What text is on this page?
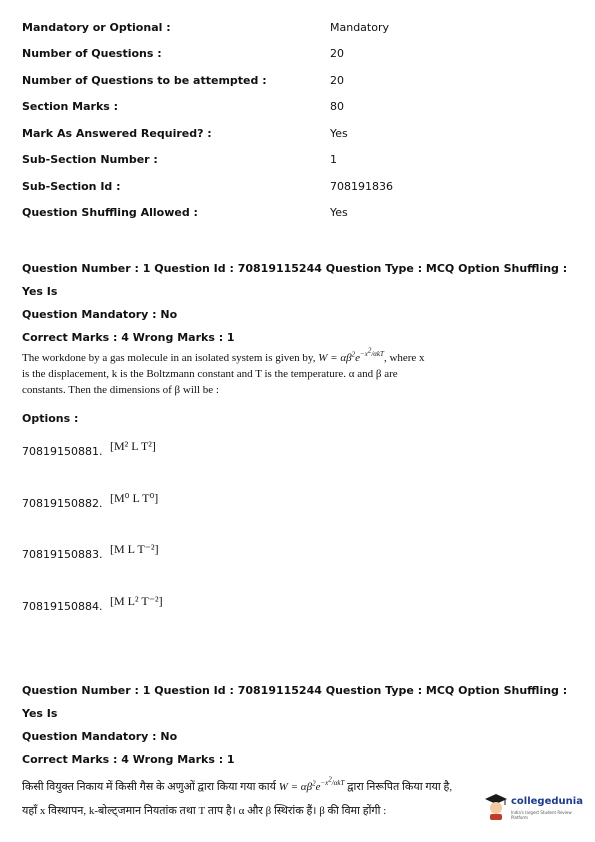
Mandatory or Optional :	Mandatory
Number of Questions :	20
Number of Questions to be attempted :	20
Section Marks :	80
Mark As Answered Required? :	Yes
Sub-Section Number :	1
Sub-Section Id :	708191836
Question Shuffling Allowed :	Yes
Question Number : 1 Question Id : 70819115244 Question Type : MCQ Option Shuffling : Yes Is
Question Mandatory : No
Correct Marks : 4 Wrong Marks : 1
The workdone by a gas molecule in an isolated system is given by, $W = \alpha\beta^2e^{-x^2/\alpha kT}$, where x
is the displacement, k is the Boltzmann constant and T is the temperature. α and β are
constants. Then the dimensions of β will be :
Options :
70819150881. [M² L T²]
70819150882. [M⁰ L T⁰]
70819150883. [M L T⁻²]
70819150884. [M L² T⁻²]
Question Number : 1 Question Id : 70819115244 Question Type : MCQ Option Shuffling : Yes Is
Question Mandatory : No
Correct Marks : 4 Wrong Marks : 1
किसी वियुक्त निकाय में किसी गैस के अणुओं द्वारा किया गया कार्य $W = \alpha\beta^2e^{-x^2/\alpha kT}$ द्वारा निरूपित किया गया है,
यहाँ x विस्थापन, k-बोल्ट्जमान नियतांक तथा T ताप है। α और β स्थिरांक हैं। β की विमा होंगी :
collegedunia
India's largest Student Review Platform
